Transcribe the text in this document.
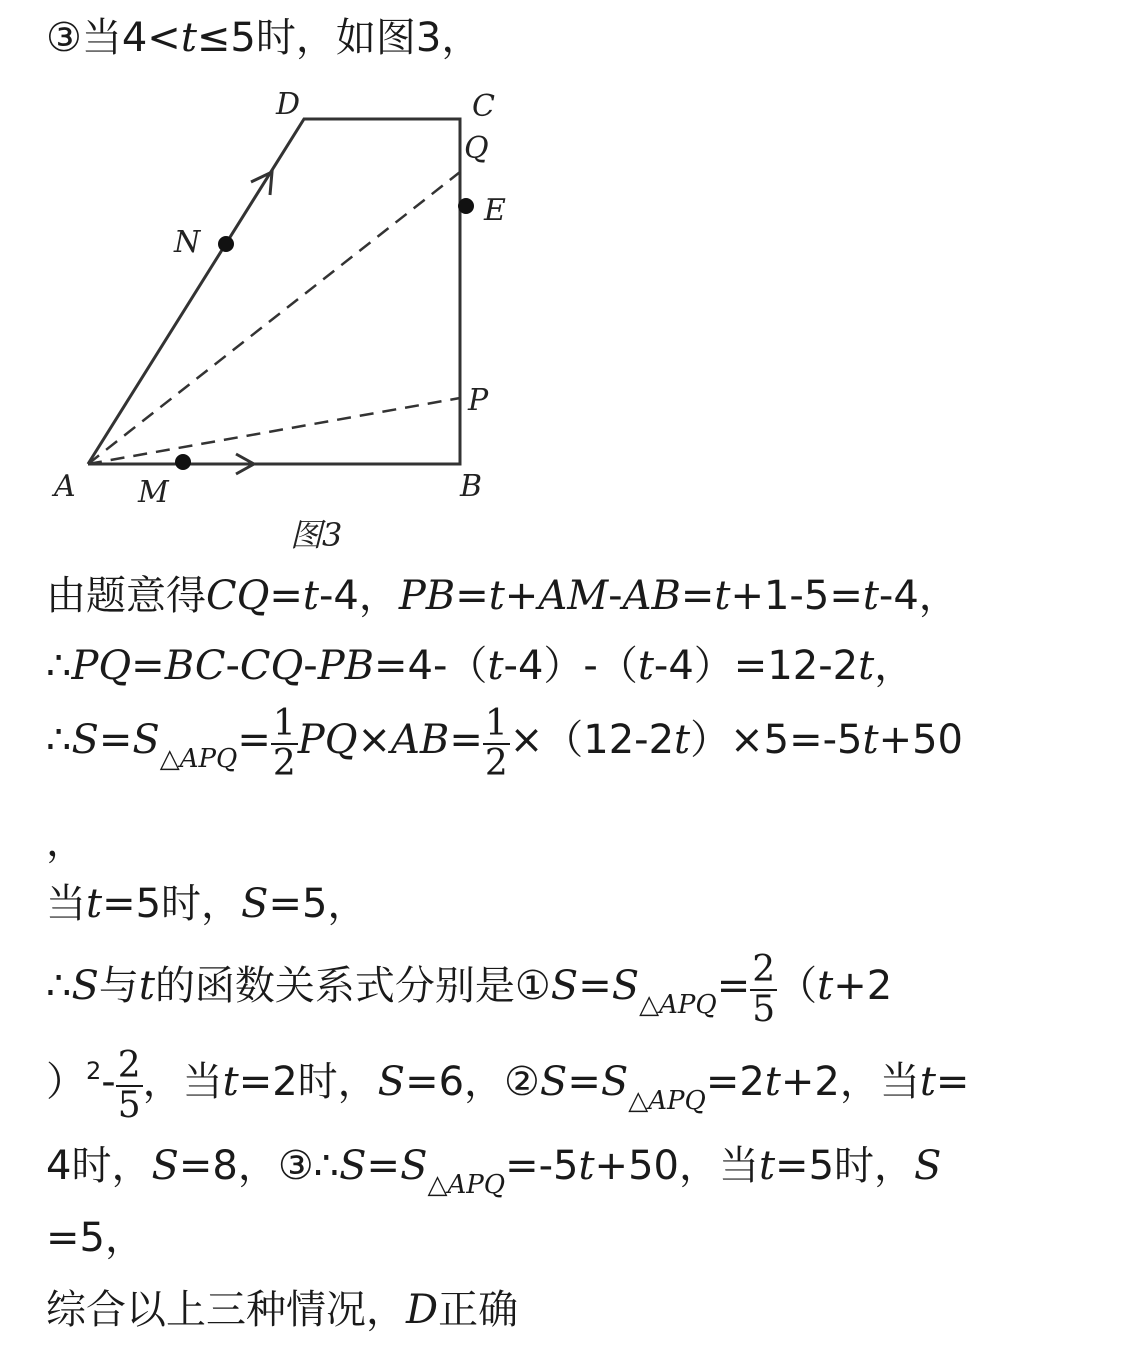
③当4<t≤5时，如图3，
D	C
Q
E
N
P
A M	B
图3
由题意得CQ=t-4，PB=t+AM-AB=t+1-5=t-4，
∴PQ=BC-CQ-PB=4-（t-4）-（t-4）=12-2t，
$\therefore S=S_{\triangle APQ}= \frac{1}{2} PQ\times AB= \frac{1}{2} \times(12-2t)\times 5=-5t+50$
，
当t=5时，S=5，
∴S与t的函数关系式分别是$①S=S_{\triangle APQ}= \frac{2}{5} (t+2$
）$^2- \frac{2}{5}$ ，当t=2时，S=6，$②S=S_{\triangle APQ}=2t+2$，当t=
4时，S=8，$③\therefore S=S_{\triangle APQ}=-5t+50$，当t=5时，S
=5，
综合以上三种情况，D正确
